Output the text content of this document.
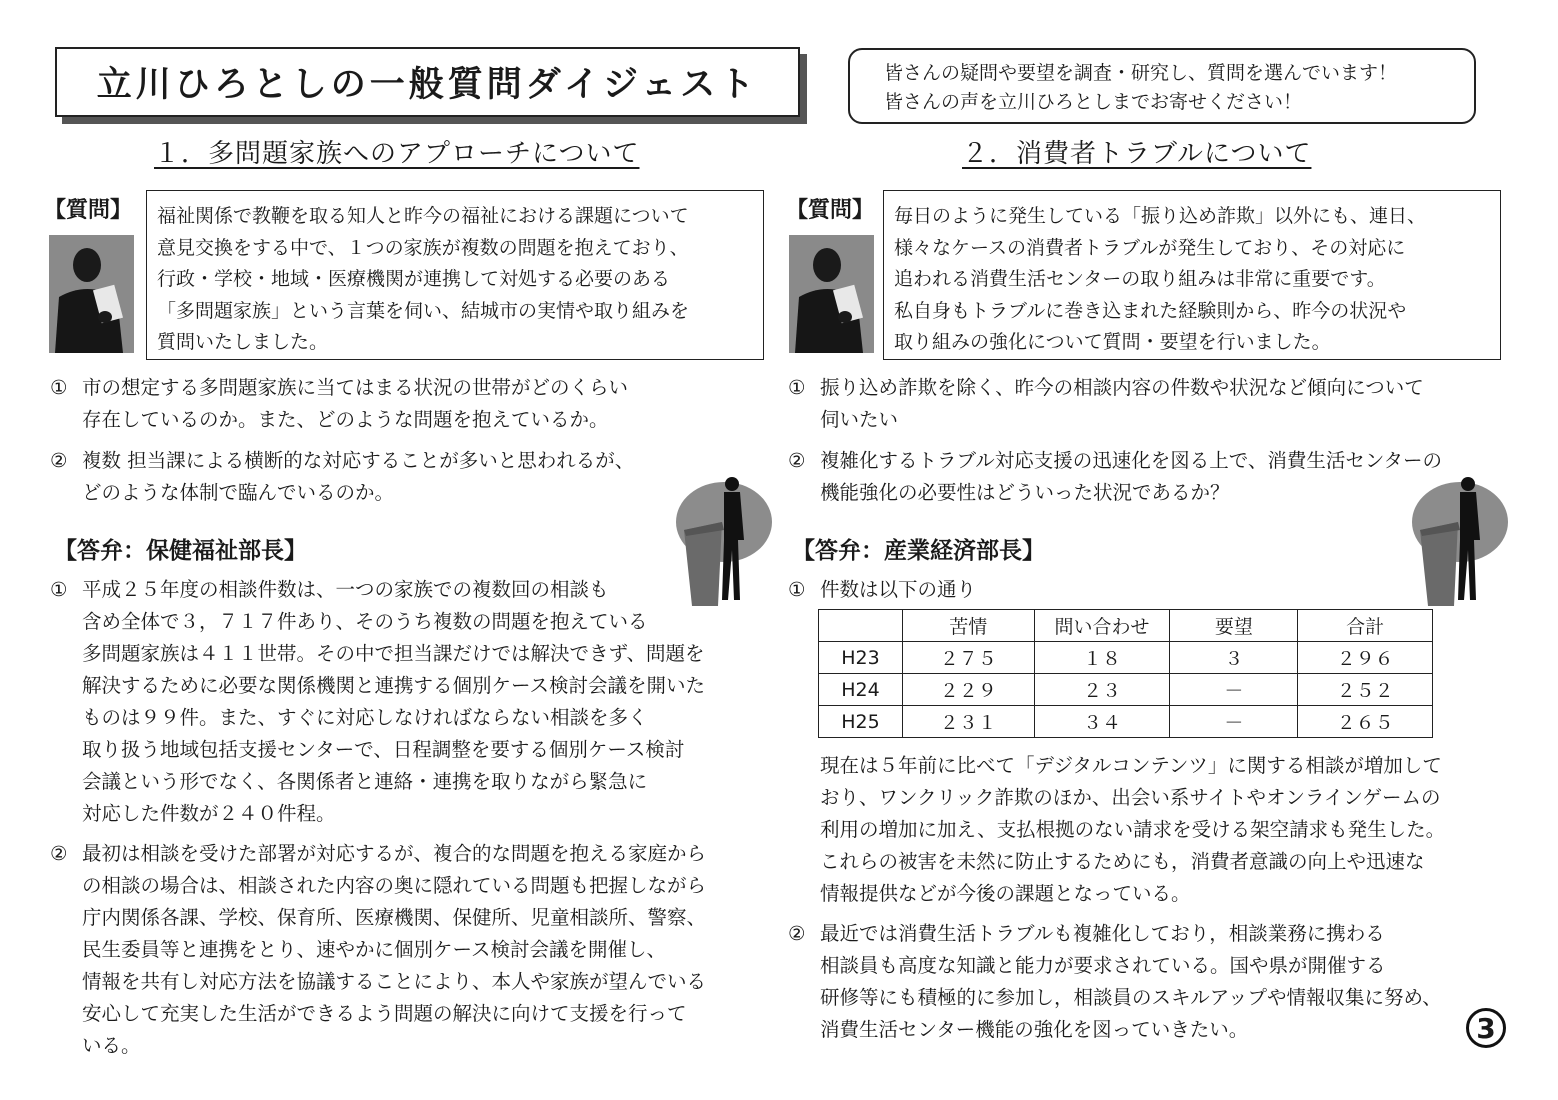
立川ひろとしの一般質問ダイジェスト	皆さんの疑問や要望を調査・研究し、質問を選んでいます！
皆さんの声を立川ひろとしまでお寄せください！
１．多問題家族へのアプローチについて
【質問】 福祉関係で教鞭を取る知人と昨今の福祉における課題について
意見交換をする中で、１つの家族が複数の問題を抱えており、
行政・学校・地域・医療機関が連携して対処する必要のある
「多問題家族」という言葉を伺い、結城市の実情や取り組みを
質問いたしました。
① 市の想定する多問題家族に当てはまる状況の世帯がどのくらい
存在しているのか。また、どのような問題を抱えているか。
② 複数 担当課による横断的な対応することが多いと思われるが、
どのような体制で臨んでいるのか。
【答弁：保健福祉部長】
① 平成２５年度の相談件数は、一つの家族での複数回の相談も
含め全体で３，７１７件あり、そのうち複数の問題を抱えている
多問題家族は４１１世帯。その中で担当課だけでは解決できず、問題を
解決するために必要な関係機関と連携する個別ケース検討会議を開いた
ものは９９件。また、すぐに対応しなければならない相談を多く
取り扱う地域包括支援センターで、日程調整を要する個別ケース検討
会議という形でなく、各関係者と連絡・連携を取りながら緊急に
対応した件数が２４０件程。
② 最初は相談を受けた部署が対応するが、複合的な問題を抱える家庭から
の相談の場合は、相談された内容の奥に隠れている問題も把握しながら
庁内関係各課、学校、保育所、医療機関、保健所、児童相談所、警察、
民生委員等と連携をとり、速やかに個別ケース検討会議を開催し、
情報を共有し対応方法を協議することにより、本人や家族が望んでいる
安心して充実した生活ができるよう問題の解決に向けて支援を行って
いる。
２．消費者トラブルについて
【質問】 毎日のように発生している「振り込め詐欺」以外にも、連日、
様々なケースの消費者トラブルが発生しており、その対応に
追われる消費生活センターの取り組みは非常に重要です。
私自身もトラブルに巻き込まれた経験則から、昨今の状況や
取り組みの強化について質問・要望を行いました。
① 振り込め詐欺を除く、昨今の相談内容の件数や状況など傾向について
伺いたい
② 複雑化するトラブル対応支援の迅速化を図る上で、消費生活センターの
機能強化の必要性はどういった状況であるか？
【答弁：産業経済部長】
① 件数は以下の通り
	苦情	問い合わせ	要望	合計
H23	２７５	１８	３	２９６
H24	２２９	２３	－	２５２
H25	２３１	３４	－	２６５
現在は５年前に比べて「デジタルコンテンツ」に関する相談が増加して
おり、ワンクリック詐欺のほか、出会い系サイトやオンラインゲームの
利用の増加に加え、支払根拠のない請求を受ける架空請求も発生した。
これらの被害を未然に防止するためにも，消費者意識の向上や迅速な
情報提供などが今後の課題となっている。
② 最近では消費生活トラブルも複雑化しており，相談業務に携わる
相談員も高度な知識と能力が要求されている。国や県が開催する
研修等にも積極的に参加し，相談員のスキルアップや情報収集に努め、
消費生活センター機能の強化を図っていきたい。	3
